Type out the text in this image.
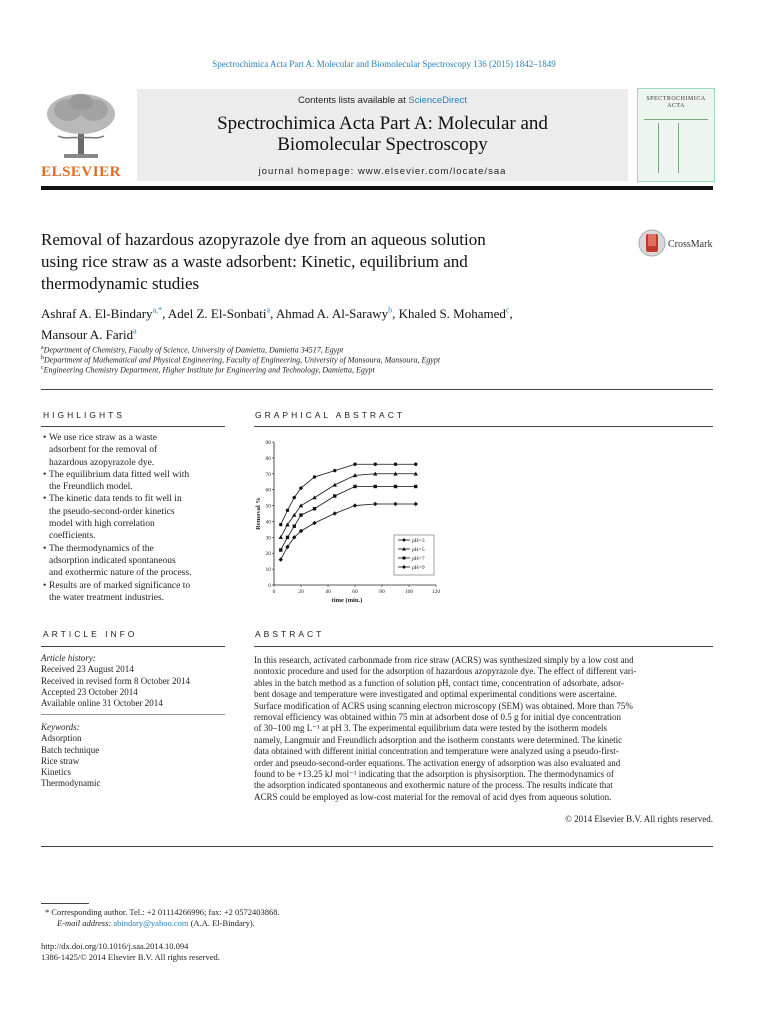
Spectrochimica Acta Part A: Molecular and Biomolecular Spectroscopy 136 (2015) 1842–1849
ELSEVIER
Contents lists available at ScienceDirect
Spectrochimica Acta Part A: Molecular and
Biomolecular Spectroscopy
journal homepage: www.elsevier.com/locate/saa
SPECTROCHIMICA
ACTA
Removal of hazardous azopyrazole dye from an aqueous solution
using rice straw as a waste adsorbent: Kinetic, equilibrium and
thermodynamic studies
CrossMark
Ashraf A. El-Bindary$^{a,*}$, Adel Z. El-Sonbati$^a$, Ahmad A. Al-Sarawy$^b$, Khaled S. Mohamed$^c$,
Mansour A. Farid$^a$
$^a$Department of Chemistry, Faculty of Science, University of Damietta, Damietta 34517, Egypt
$^b$Department of Mathematical and Physical Engineering, Faculty of Engineering, University of Mansoura, Mansoura, Egypt
$^c$Engineering Chemistry Department, Higher Institute for Engineering and Technology, Damietta, Egypt
HIGHLIGHTS
• We use rice straw as a waste
adsorbent for the removal of
hazardous azopyrazole dye.
• The equilibrium data fitted well with
the Freundlich model.
• The kinetic data tends to fit well in
the pseudo-second-order kinetics
model with high correlation
coefficients.
• The thermodynamics of the
adsorption indicated spontaneous
and exothermic nature of the process.
• Results are of marked significance to
the water treatment industries.
GRAPHICAL ABSTRACT
0	20	40	60	80	100	120
0
10
20
30
40
50
60
70
80
90
time (min.)
Removal %
pH=3
pH=5
pH=7
pH=9
ARTICLE INFO
Article history:
Received 23 August 2014
Received in revised form 8 October 2014
Accepted 23 October 2014
Available online 31 October 2014
Keywords:
Adsorption
Batch technique
Rice straw
Kinetics
Thermodynamic
ABSTRACT
In this research, activated carbonmade from rice straw (ACRS) was synthesized simply by a low cost and
nontoxic procedure and used for the adsorption of hazardous azopyrazole dye. The effect of different vari-
ables in the batch method as a function of solution pH, contact time, concentration of adsorbate, adsor-
bent dosage and temperature were investigated and optimal experimental conditions were ascertaine.
Surface modification of ACRS using scanning electron microscopy (SEM) was obtained. More than 75%
removal efficiency was obtained within 75 min at adsorbent dose of 0.5 g for initial dye concentration
of 30–100 mg L⁻¹ at pH 3. The experimental equilibrium data were tested by the isotherm models
namely, Langmuir and Freundlich adsorption and the isotherm constants were determined. The kinetic
data obtained with different initial concentration and temperature were analyzed using a pseudo-first-
order and pseudo-second-order equations. The activation energy of adsorption was also evaluated and
found to be +13.25 kJ mol⁻¹ indicating that the adsorption is physisorption. The thermodynamics of
the adsorption indicated spontaneous and exothermic nature of the process. The results indicate that
ACRS could be employed as low-cost material for the removal of acid dyes from aqueous solution.
© 2014 Elsevier B.V. All rights reserved.
* Corresponding author. Tel.: +2 01114266996; fax: +2 0572403868.
E-mail address: abindary@yahoo.com (A.A. El-Bindary).
http://dx.doi.org/10.1016/j.saa.2014.10.094
1386-1425/© 2014 Elsevier B.V. All rights reserved.
